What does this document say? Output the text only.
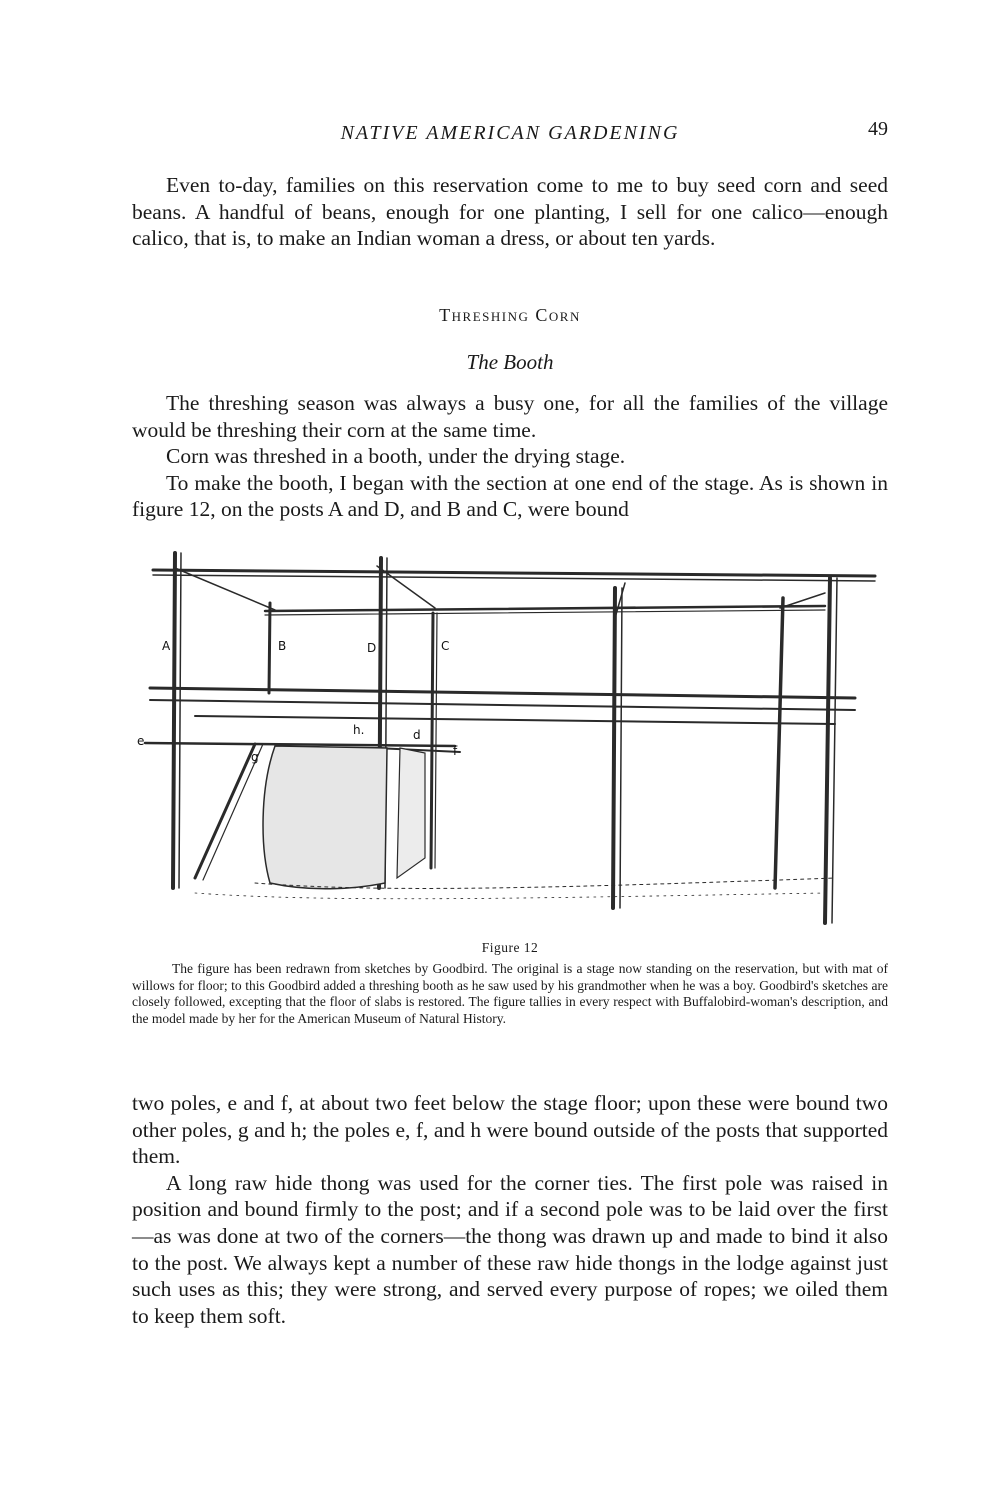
NATIVE AMERICAN GARDENING	49

Even to-day, families on this reservation come to me to buy seed corn and seed beans. A handful of beans, enough for one planting, I sell for one calico—enough calico, that is, to make an Indian woman a dress, or about ten yards.

Threshing Corn
The Booth

The threshing season was always a busy one, for all the families of the village would be threshing their corn at the same time.

Corn was threshed in a booth, under the drying stage.

To make the booth, I began with the section at one end of the stage. As is shown in figure 12, on the posts A and D, and B and C, were bound

A	B	D	C
e
f
g
h.	d
Figure 12

The figure has been redrawn from sketches by Goodbird. The original is a stage now standing on the reservation, but with mat of willows for floor; to this Goodbird added a threshing booth as he saw used by his grandmother when he was a boy. Goodbird's sketches are closely followed, excepting that the floor of slabs is restored. The figure tallies in every respect with Buffalobird-woman's description, and the model made by her for the American Museum of Natural History.

two poles, e and f, at about two feet below the stage floor; upon these were bound two other poles, g and h; the poles e, f, and h were bound outside of the posts that supported them.

A long raw hide thong was used for the corner ties. The first pole was raised in position and bound firmly to the post; and if a second pole was to be laid over the first—as was done at two of the corners—the thong was drawn up and made to bind it also to the post. We always kept a number of these raw hide thongs in the lodge against just such uses as this; they were strong, and served every purpose of ropes; we oiled them to keep them soft.
